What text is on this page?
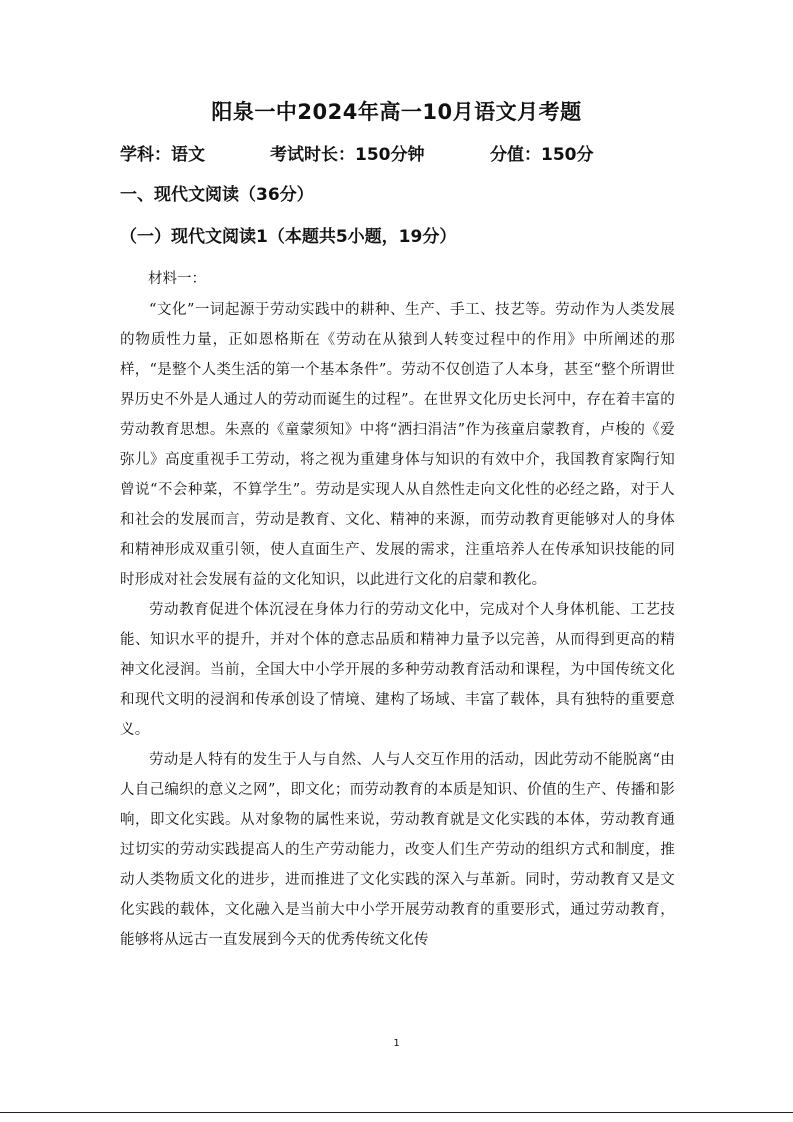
阳泉一中2024年高一10月语文月考题
学科：语文	考试时长：150分钟	分值：150分
一、现代文阅读（36分）
（一）现代文阅读1（本题共5小题，19分）
材料一：

“文化”一词起源于劳动实践中的耕种、生产、手工、技艺等。劳动作为人类发展的物质性力量，正如恩格斯在《劳动在从猿到人转变过程中的作用》中所阐述的那样，“是整个人类生活的第一个基本条件”。劳动不仅创造了人本身，甚至“整个所谓世界历史不外是人通过人的劳动而诞生的过程”。在世界文化历史长河中，存在着丰富的劳动教育思想。朱熹的《童蒙须知》中将“洒扫涓洁”作为孩童启蒙教育，卢梭的《爱弥儿》高度重视手工劳动，将之视为重建身体与知识的有效中介，我国教育家陶行知曾说“不会种菜，不算学生”。劳动是实现人从自然性走向文化性的必经之路，对于人和社会的发展而言，劳动是教育、文化、精神的来源，而劳动教育更能够对人的身体和精神形成双重引领，使人直面生产、发展的需求，注重培养人在传承知识技能的同时形成对社会发展有益的文化知识，以此进行文化的启蒙和教化。

劳动教育促进个体沉浸在身体力行的劳动文化中，完成对个人身体机能、工艺技能、知识水平的提升，并对个体的意志品质和精神力量予以完善，从而得到更高的精神文化浸润。当前，全国大中小学开展的多种劳动教育活动和课程，为中国传统文化和现代文明的浸润和传承创设了情境、建构了场域、丰富了载体，具有独特的重要意义。

劳动是人特有的发生于人与自然、人与人交互作用的活动，因此劳动不能脱离“由人自己编织的意义之网”，即文化；而劳动教育的本质是知识、价值的生产、传播和影响，即文化实践。从对象物的属性来说，劳动教育就是文化实践的本体，劳动教育通过切实的劳动实践提高人的生产劳动能力，改变人们生产劳动的组织方式和制度，推动人类物质文化的进步，进而推进了文化实践的深入与革新。同时，劳动教育又是文化实践的载体，文化融入是当前大中小学开展劳动教育的重要形式，通过劳动教育，能够将从远古一直发展到今天的优秀传统文化传

1
